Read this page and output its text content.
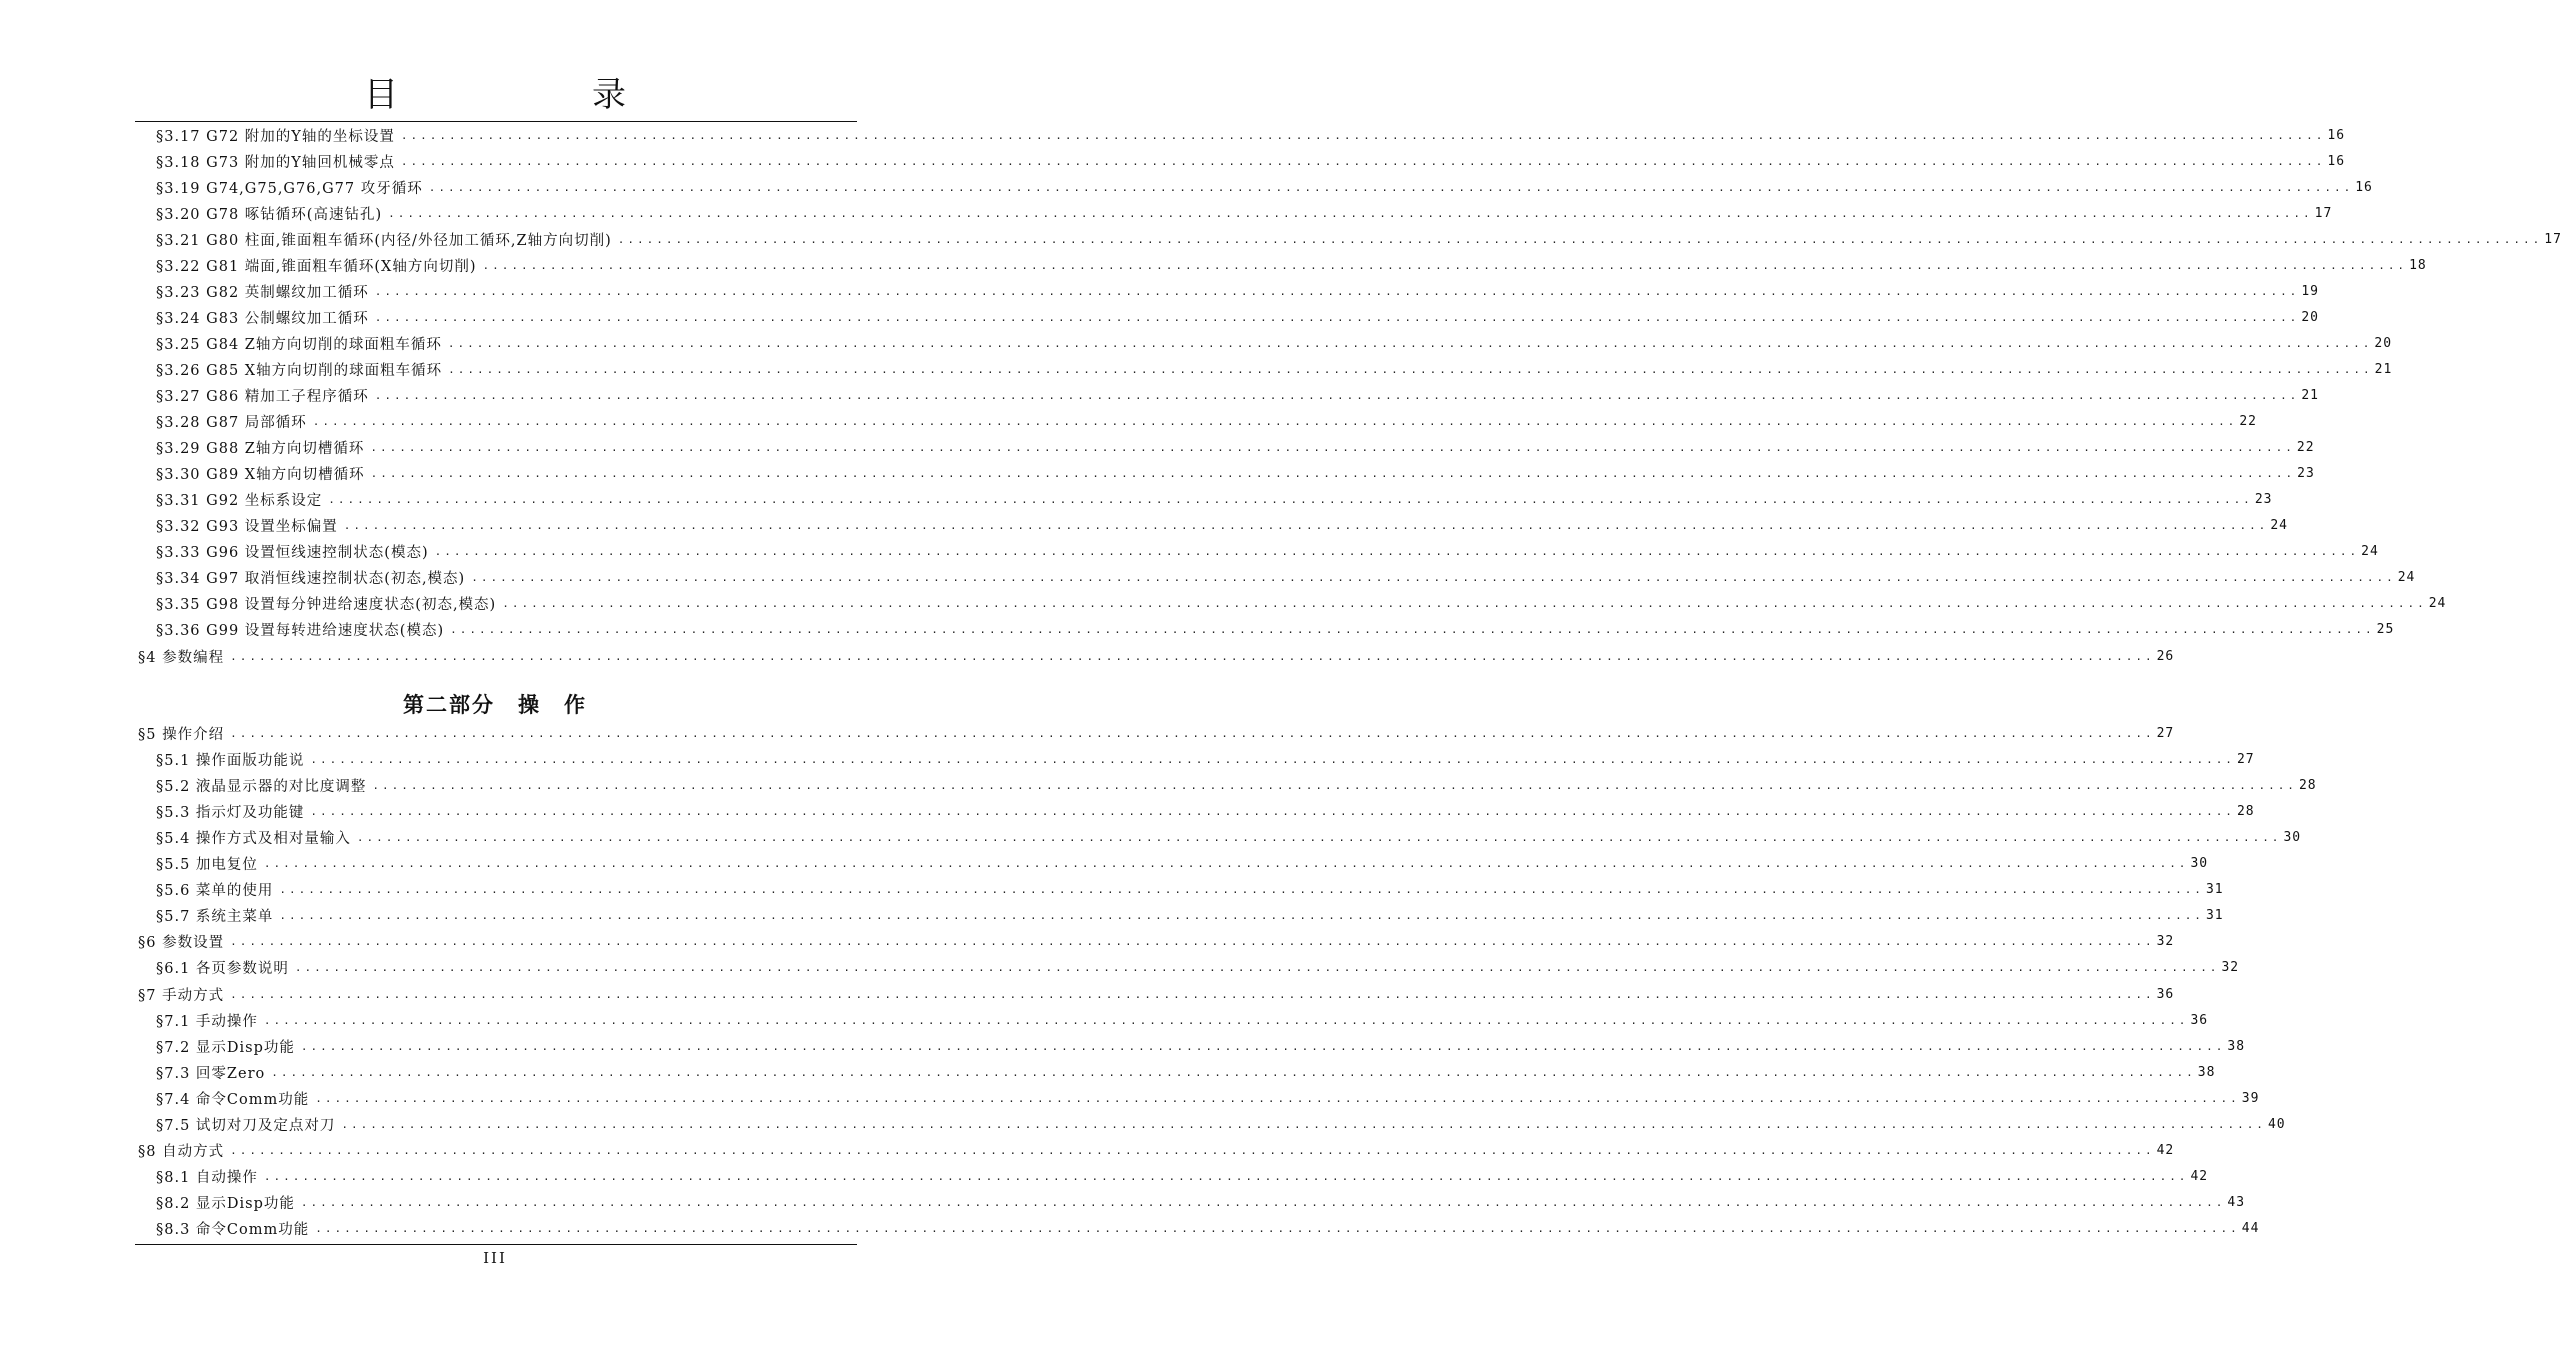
目　录
§3.17 G72 附加的Y轴的坐标设置 ........................................................................................................................................................................................................ 16
§3.18 G73 附加的Y轴回机械零点 ........................................................................................................................................................................................................ 16
§3.19 G74,G75,G76,G77 攻牙循环 ........................................................................................................................................................................................................ 16
§3.20 G78 啄钻循环(高速钻孔) ........................................................................................................................................................................................................ 17
§3.21 G80 柱面,锥面粗车循环(内径/外径加工循环,Z轴方向切削) ........................................................................................................................................................................................................ 17
§3.22 G81 端面,锥面粗车循环(X轴方向切削) ........................................................................................................................................................................................................ 18
§3.23 G82 英制螺纹加工循环 ........................................................................................................................................................................................................ 19
§3.24 G83 公制螺纹加工循环 ........................................................................................................................................................................................................ 20
§3.25 G84 Z轴方向切削的球面粗车循环 ........................................................................................................................................................................................................ 20
§3.26 G85 X轴方向切削的球面粗车循环 ........................................................................................................................................................................................................ 21
§3.27 G86 精加工子程序循环 ........................................................................................................................................................................................................ 21
§3.28 G87 局部循环 ........................................................................................................................................................................................................ 22
§3.29 G88 Z轴方向切槽循环 ........................................................................................................................................................................................................ 22
§3.30 G89 X轴方向切槽循环 ........................................................................................................................................................................................................ 23
§3.31 G92 坐标系设定 ........................................................................................................................................................................................................ 23
§3.32 G93 设置坐标偏置 ........................................................................................................................................................................................................ 24
§3.33 G96 设置恒线速控制状态(模态) ........................................................................................................................................................................................................ 24
§3.34 G97 取消恒线速控制状态(初态,模态) ........................................................................................................................................................................................................ 24
§3.35 G98 设置每分钟进给速度状态(初态,模态) ........................................................................................................................................................................................................ 24
§3.36 G99 设置每转进给速度状态(模态) ........................................................................................................................................................................................................ 25
§4 参数编程 ........................................................................................................................................................................................................ 26
第二部分　操　作
§5 操作介绍 ........................................................................................................................................................................................................ 27
§5.1 操作面版功能说 ........................................................................................................................................................................................................ 27
§5.2 液晶显示器的对比度调整 ........................................................................................................................................................................................................ 28
§5.3 指示灯及功能键 ........................................................................................................................................................................................................ 28
§5.4 操作方式及相对量输入 ........................................................................................................................................................................................................ 30
§5.5 加电复位 ........................................................................................................................................................................................................ 30
§5.6 菜单的使用 ........................................................................................................................................................................................................ 31
§5.7 系统主菜单 ........................................................................................................................................................................................................ 31
§6 参数设置 ........................................................................................................................................................................................................ 32
§6.1 各页参数说明 ........................................................................................................................................................................................................ 32
§7 手动方式 ........................................................................................................................................................................................................ 36
§7.1 手动操作 ........................................................................................................................................................................................................ 36
§7.2 显示Disp功能 ........................................................................................................................................................................................................ 38
§7.3 回零Zero ........................................................................................................................................................................................................ 38
§7.4 命令Comm功能 ........................................................................................................................................................................................................ 39
§7.5 试切对刀及定点对刀 ........................................................................................................................................................................................................ 40
§8 自动方式 ........................................................................................................................................................................................................ 42
§8.1 自动操作 ........................................................................................................................................................................................................ 42
§8.2 显示Disp功能 ........................................................................................................................................................................................................ 43
§8.3 命令Comm功能 ........................................................................................................................................................................................................ 44
III
